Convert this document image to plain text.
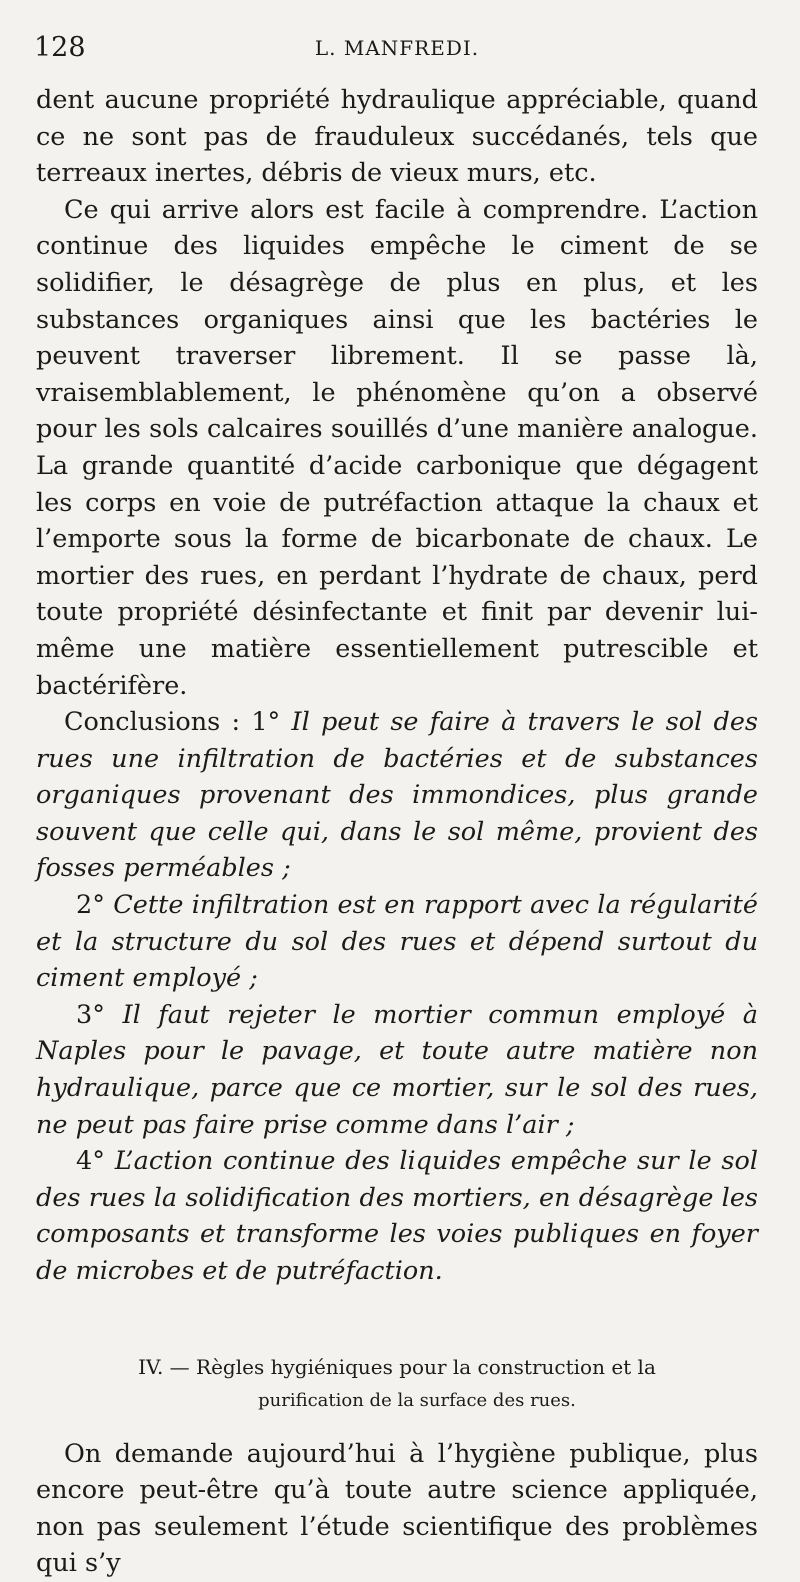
128	L. MANFREDI.

dent aucune propriété hydraulique appréciable, quand ce ne sont pas de frauduleux succédanés, tels que terreaux inertes, débris de vieux murs, etc.

Ce qui arrive alors est facile à comprendre. L’action continue des liquides empêche le ciment de se solidifier, le désagrège de plus en plus, et les substances organiques ainsi que les bactéries le peuvent traverser librement. Il se passe là, vraisemblablement, le phénomène qu’on a observé pour les sols calcaires souillés d’une manière analogue. La grande quantité d’acide carbonique que dégagent les corps en voie de putréfaction attaque la chaux et l’emporte sous la forme de bicarbonate de chaux. Le mortier des rues, en perdant l’hydrate de chaux, perd toute propriété désinfectante et finit par devenir lui-même une matière essentiellement putrescible et bactérifère.

Conclusions : 1° Il peut se faire à travers le sol des rues une infiltration de bactéries et de substances organiques provenant des immondices, plus grande souvent que celle qui, dans le sol même, provient des fosses perméables ;

2° Cette infiltration est en rapport avec la régularité et la structure du sol des rues et dépend surtout du ciment employé ;

3° Il faut rejeter le mortier commun employé à Naples pour le pavage, et toute autre matière non hydraulique, parce que ce mortier, sur le sol des rues, ne peut pas faire prise comme dans l’air ;

4° L’action continue des liquides empêche sur le sol des rues la solidification des mortiers, en désagrège les composants et transforme les voies publiques en foyer de microbes et de putréfaction.

IV. — Règles hygiéniques pour la construction et la
purification de la surface des rues.

On demande aujourd’hui à l’hygiène publique, plus encore peut-être qu’à toute autre science appliquée, non pas seulement l’étude scientifique des problèmes qui s’y
